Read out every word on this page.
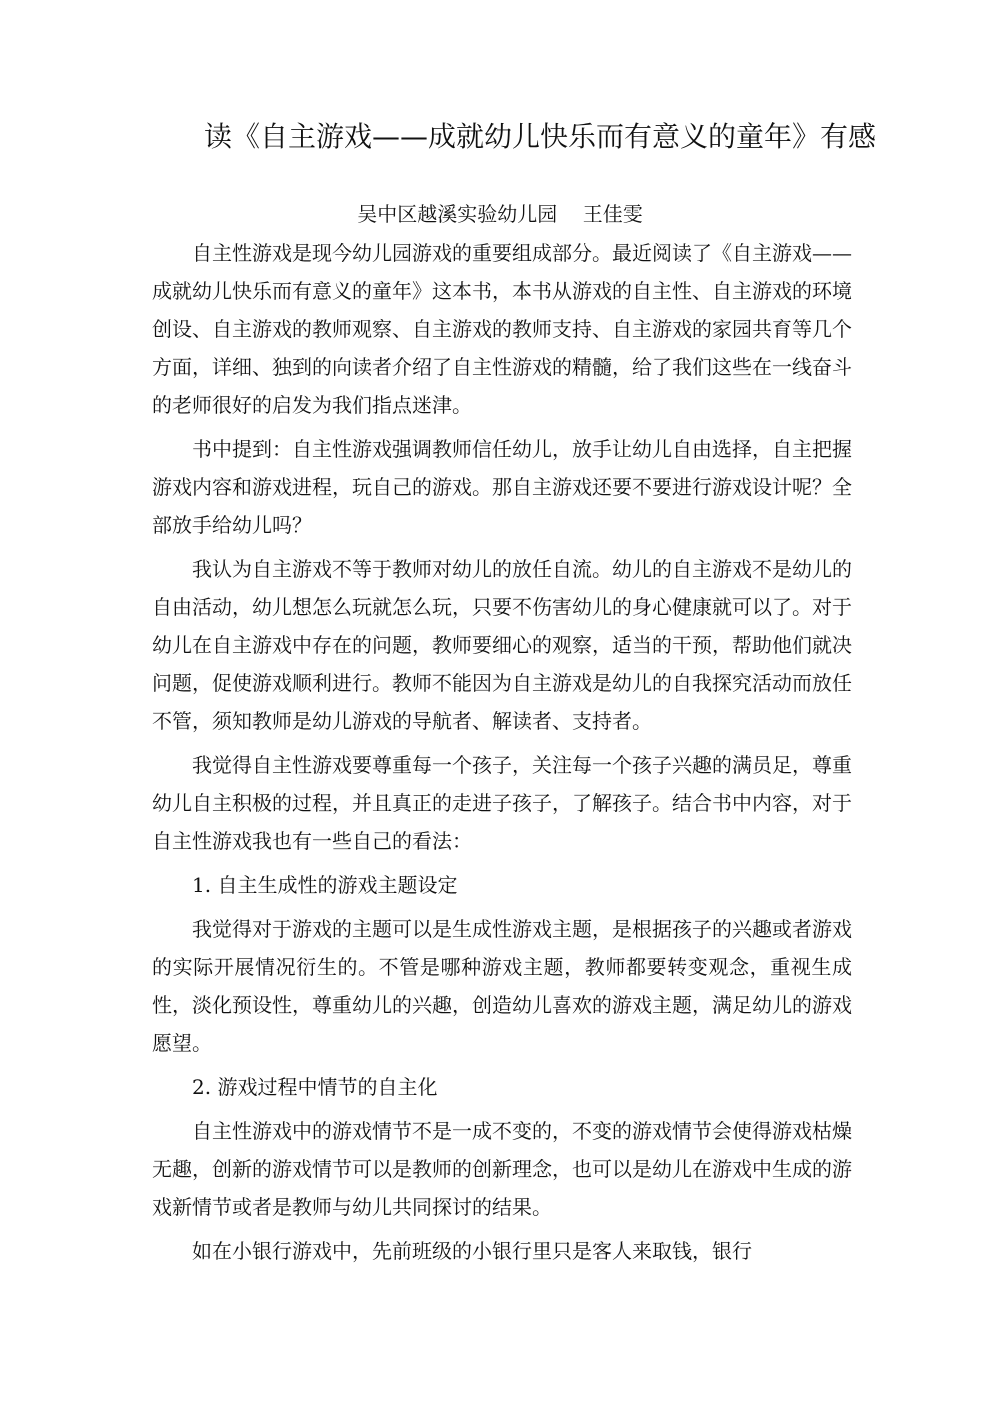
读《自主游戏——成就幼儿快乐而有意义的童年》有感
吴中区越溪实验幼儿园    王佳雯

自主性游戏是现今幼儿园游戏的重要组成部分。最近阅读了《自主游戏——成就幼儿快乐而有意义的童年》这本书，本书从游戏的自主性、自主游戏的环境创设、自主游戏的教师观察、自主游戏的教师支持、自主游戏的家园共育等几个方面，详细、独到的向读者介绍了自主性游戏的精髓，给了我们这些在一线奋斗的老师很好的启发为我们指点迷津。

书中提到：自主性游戏强调教师信任幼儿，放手让幼儿自由选择，自主把握游戏内容和游戏进程，玩自己的游戏。那自主游戏还要不要进行游戏设计呢？全部放手给幼儿吗？

我认为自主游戏不等于教师对幼儿的放任自流。幼儿的自主游戏不是幼儿的自由活动，幼儿想怎么玩就怎么玩，只要不伤害幼儿的身心健康就可以了。对于幼儿在自主游戏中存在的问题，教师要细心的观察，适当的干预，帮助他们就决问题，促使游戏顺利进行。教师不能因为自主游戏是幼儿的自我探究活动而放任不管，须知教师是幼儿游戏的导航者、解读者、支持者。

我觉得自主性游戏要尊重每一个孩子，关注每一个孩子兴趣的满员足，尊重幼儿自主积极的过程，并且真正的走进子孩子，了解孩子。结合书中内容，对于自主性游戏我也有一些自己的看法：

1. 自主生成性的游戏主题设定

我觉得对于游戏的主题可以是生成性游戏主题，是根据孩子的兴趣或者游戏的实际开展情况衍生的。不管是哪种游戏主题，教师都要转变观念，重视生成性，淡化预设性，尊重幼儿的兴趣，创造幼儿喜欢的游戏主题，满足幼儿的游戏愿望。

2. 游戏过程中情节的自主化

自主性游戏中的游戏情节不是一成不变的，不变的游戏情节会使得游戏枯燥无趣，创新的游戏情节可以是教师的创新理念，也可以是幼儿在游戏中生成的游戏新情节或者是教师与幼儿共同探讨的结果。

如在小银行游戏中，先前班级的小银行里只是客人来取钱，银行
